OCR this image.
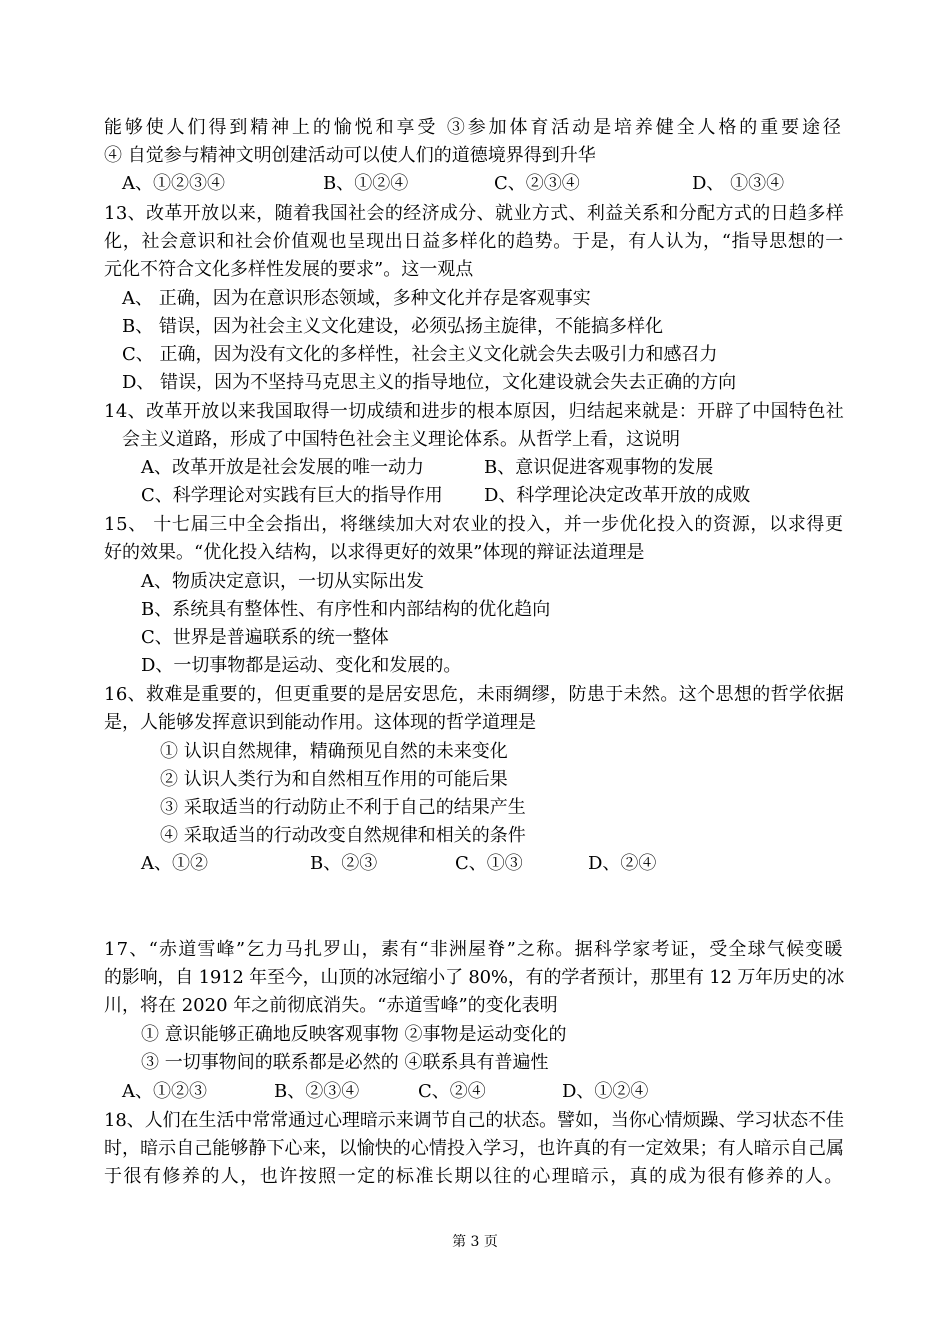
能够使人们得到精神上的愉悦和享受 ③参加体育活动是培养健全人格的重要途径
④ 自觉参与精神文明创建活动可以使人们的道德境界得到升华
A、①②③④	B、①②④	C、②③④	D、 ①③④
13、改革开放以来，随着我国社会的经济成分、就业方式、利益关系和分配方式的日趋多样
化，社会意识和社会价值观也呈现出日益多样化的趋势。于是，有人认为，“指导思想的一
元化不符合文化多样性发展的要求”。这一观点
A、 正确，因为在意识形态领域，多种文化并存是客观事实
B、 错误，因为社会主义文化建设，必须弘扬主旋律，不能搞多样化
C、 正确，因为没有文化的多样性，社会主义文化就会失去吸引力和感召力
D、 错误，因为不坚持马克思主义的指导地位，文化建设就会失去正确的方向
14、改革开放以来我国取得一切成绩和进步的根本原因，归结起来就是：开辟了中国特色社
会主义道路，形成了中国特色社会主义理论体系。从哲学上看，这说明
A、改革开放是社会发展的唯一动力	B、意识促进客观事物的发展
C、科学理论对实践有巨大的指导作用 D、科学理论决定改革开放的成败
15、 十七届三中全会指出，将继续加大对农业的投入，并一步优化投入的资源，以求得更
好的效果。“优化投入结构，以求得更好的效果”体现的辩证法道理是
A、物质决定意识，一切从实际出发
B、系统具有整体性、有序性和内部结构的优化趋向
C、世界是普遍联系的统一整体
D、一切事物都是运动、变化和发展的。
16、救难是重要的，但更重要的是居安思危，未雨绸缪，防患于未然。这个思想的哲学依据
是，人能够发挥意识到能动作用。这体现的哲学道理是
① 认识自然规律，精确预见自然的未来变化
② 认识人类行为和自然相互作用的可能后果
③ 采取适当的行动防止不利于自己的结果产生
④ 采取适当的行动改变自然规律和相关的条件
A、①②	B、②③	C、①③	D、②④
17、“赤道雪峰”乞力马扎罗山，素有“非洲屋脊”之称。据科学家考证，受全球气候变暖
的影响，自 1912 年至今，山顶的冰冠缩小了 80%，有的学者预计，那里有 12 万年历史的冰
川，将在 2020 年之前彻底消失。“赤道雪峰”的变化表明
① 意识能够正确地反映客观事物 ②事物是运动变化的
③ 一切事物间的联系都是必然的 ④联系具有普遍性
A、①②③	B、②③④	C、②④	D、①②④
18、人们在生活中常常通过心理暗示来调节自己的状态。譬如，当你心情烦躁、学习状态不佳
时，暗示自己能够静下心来，以愉快的心情投入学习，也许真的有一定效果；有人暗示自己属
于很有修养的人，也许按照一定的标准长期以往的心理暗示，真的成为很有修养的人。
第 3 页
